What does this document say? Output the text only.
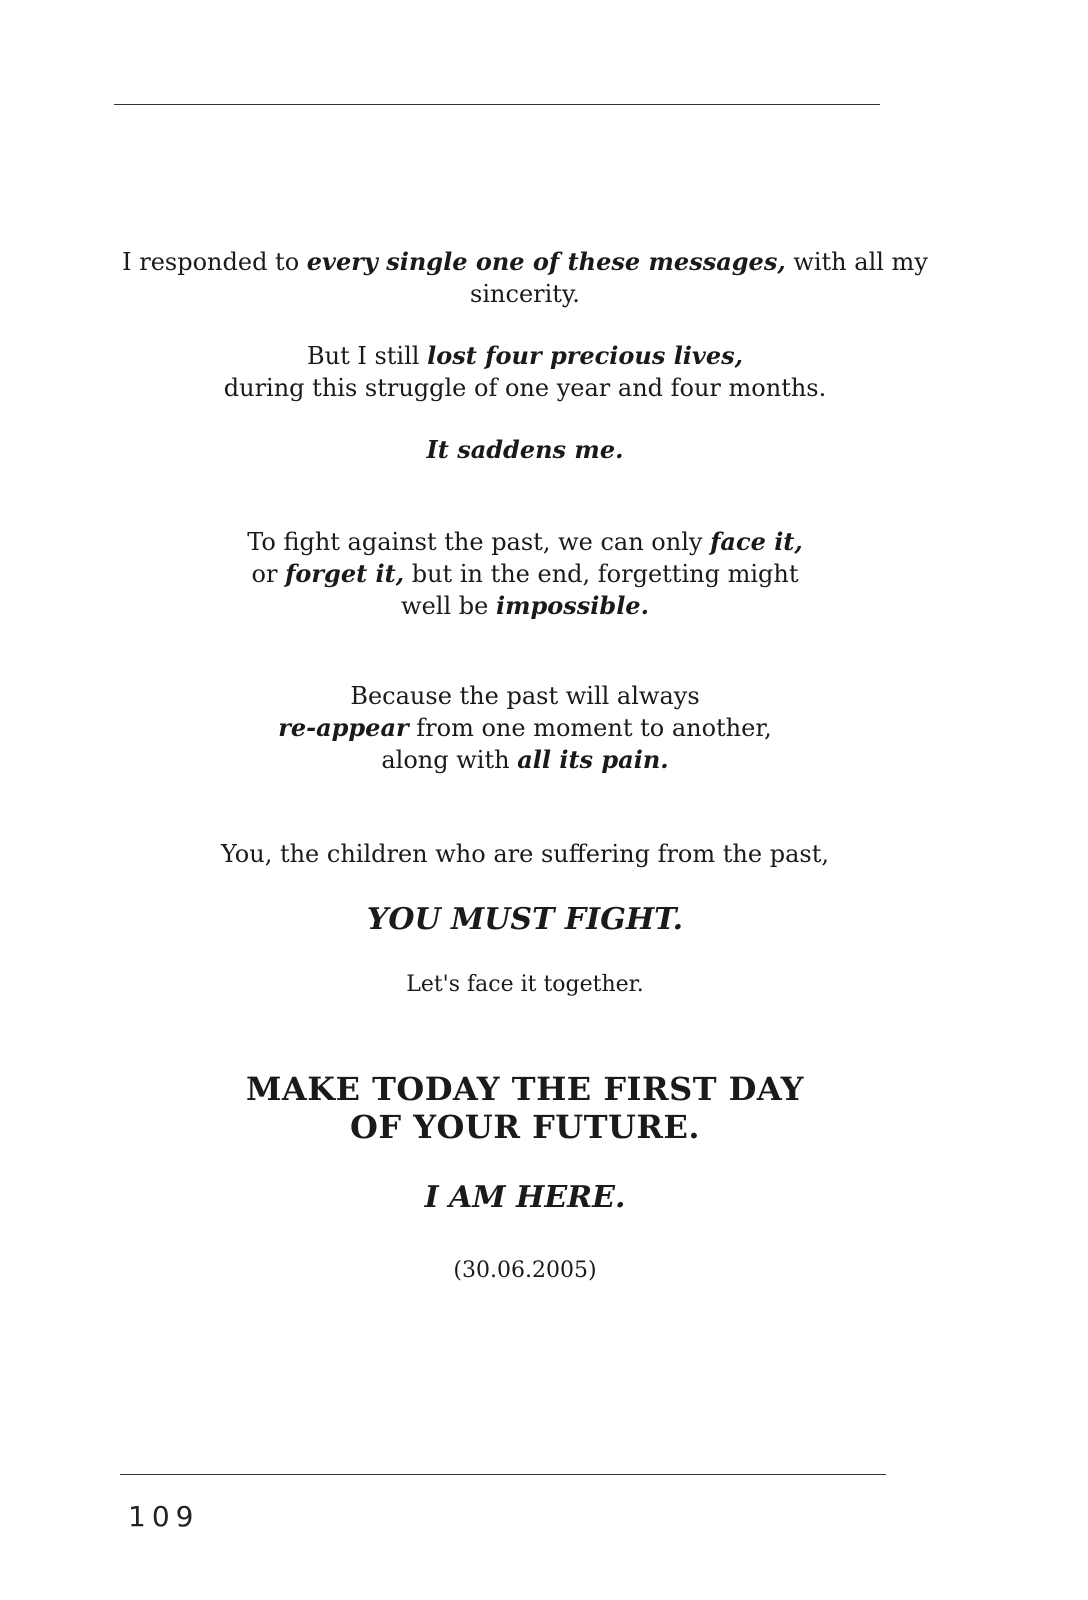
I responded to every single one of these messages, with all my sincerity.

But I still lost four precious lives,

during this struggle of one year and four months.

It saddens me.

To fight against the past, we can only face it,

or forget it, but in the end, forgetting might

well be impossible.

Because the past will always

re-appear from one moment to another,

along with all its pain.

You, the children who are suffering from the past,

YOU MUST FIGHT.

Let's face it together.

MAKE TODAY THE FIRST DAY

OF YOUR FUTURE.

I AM HERE.

(30.06.2005)

109
